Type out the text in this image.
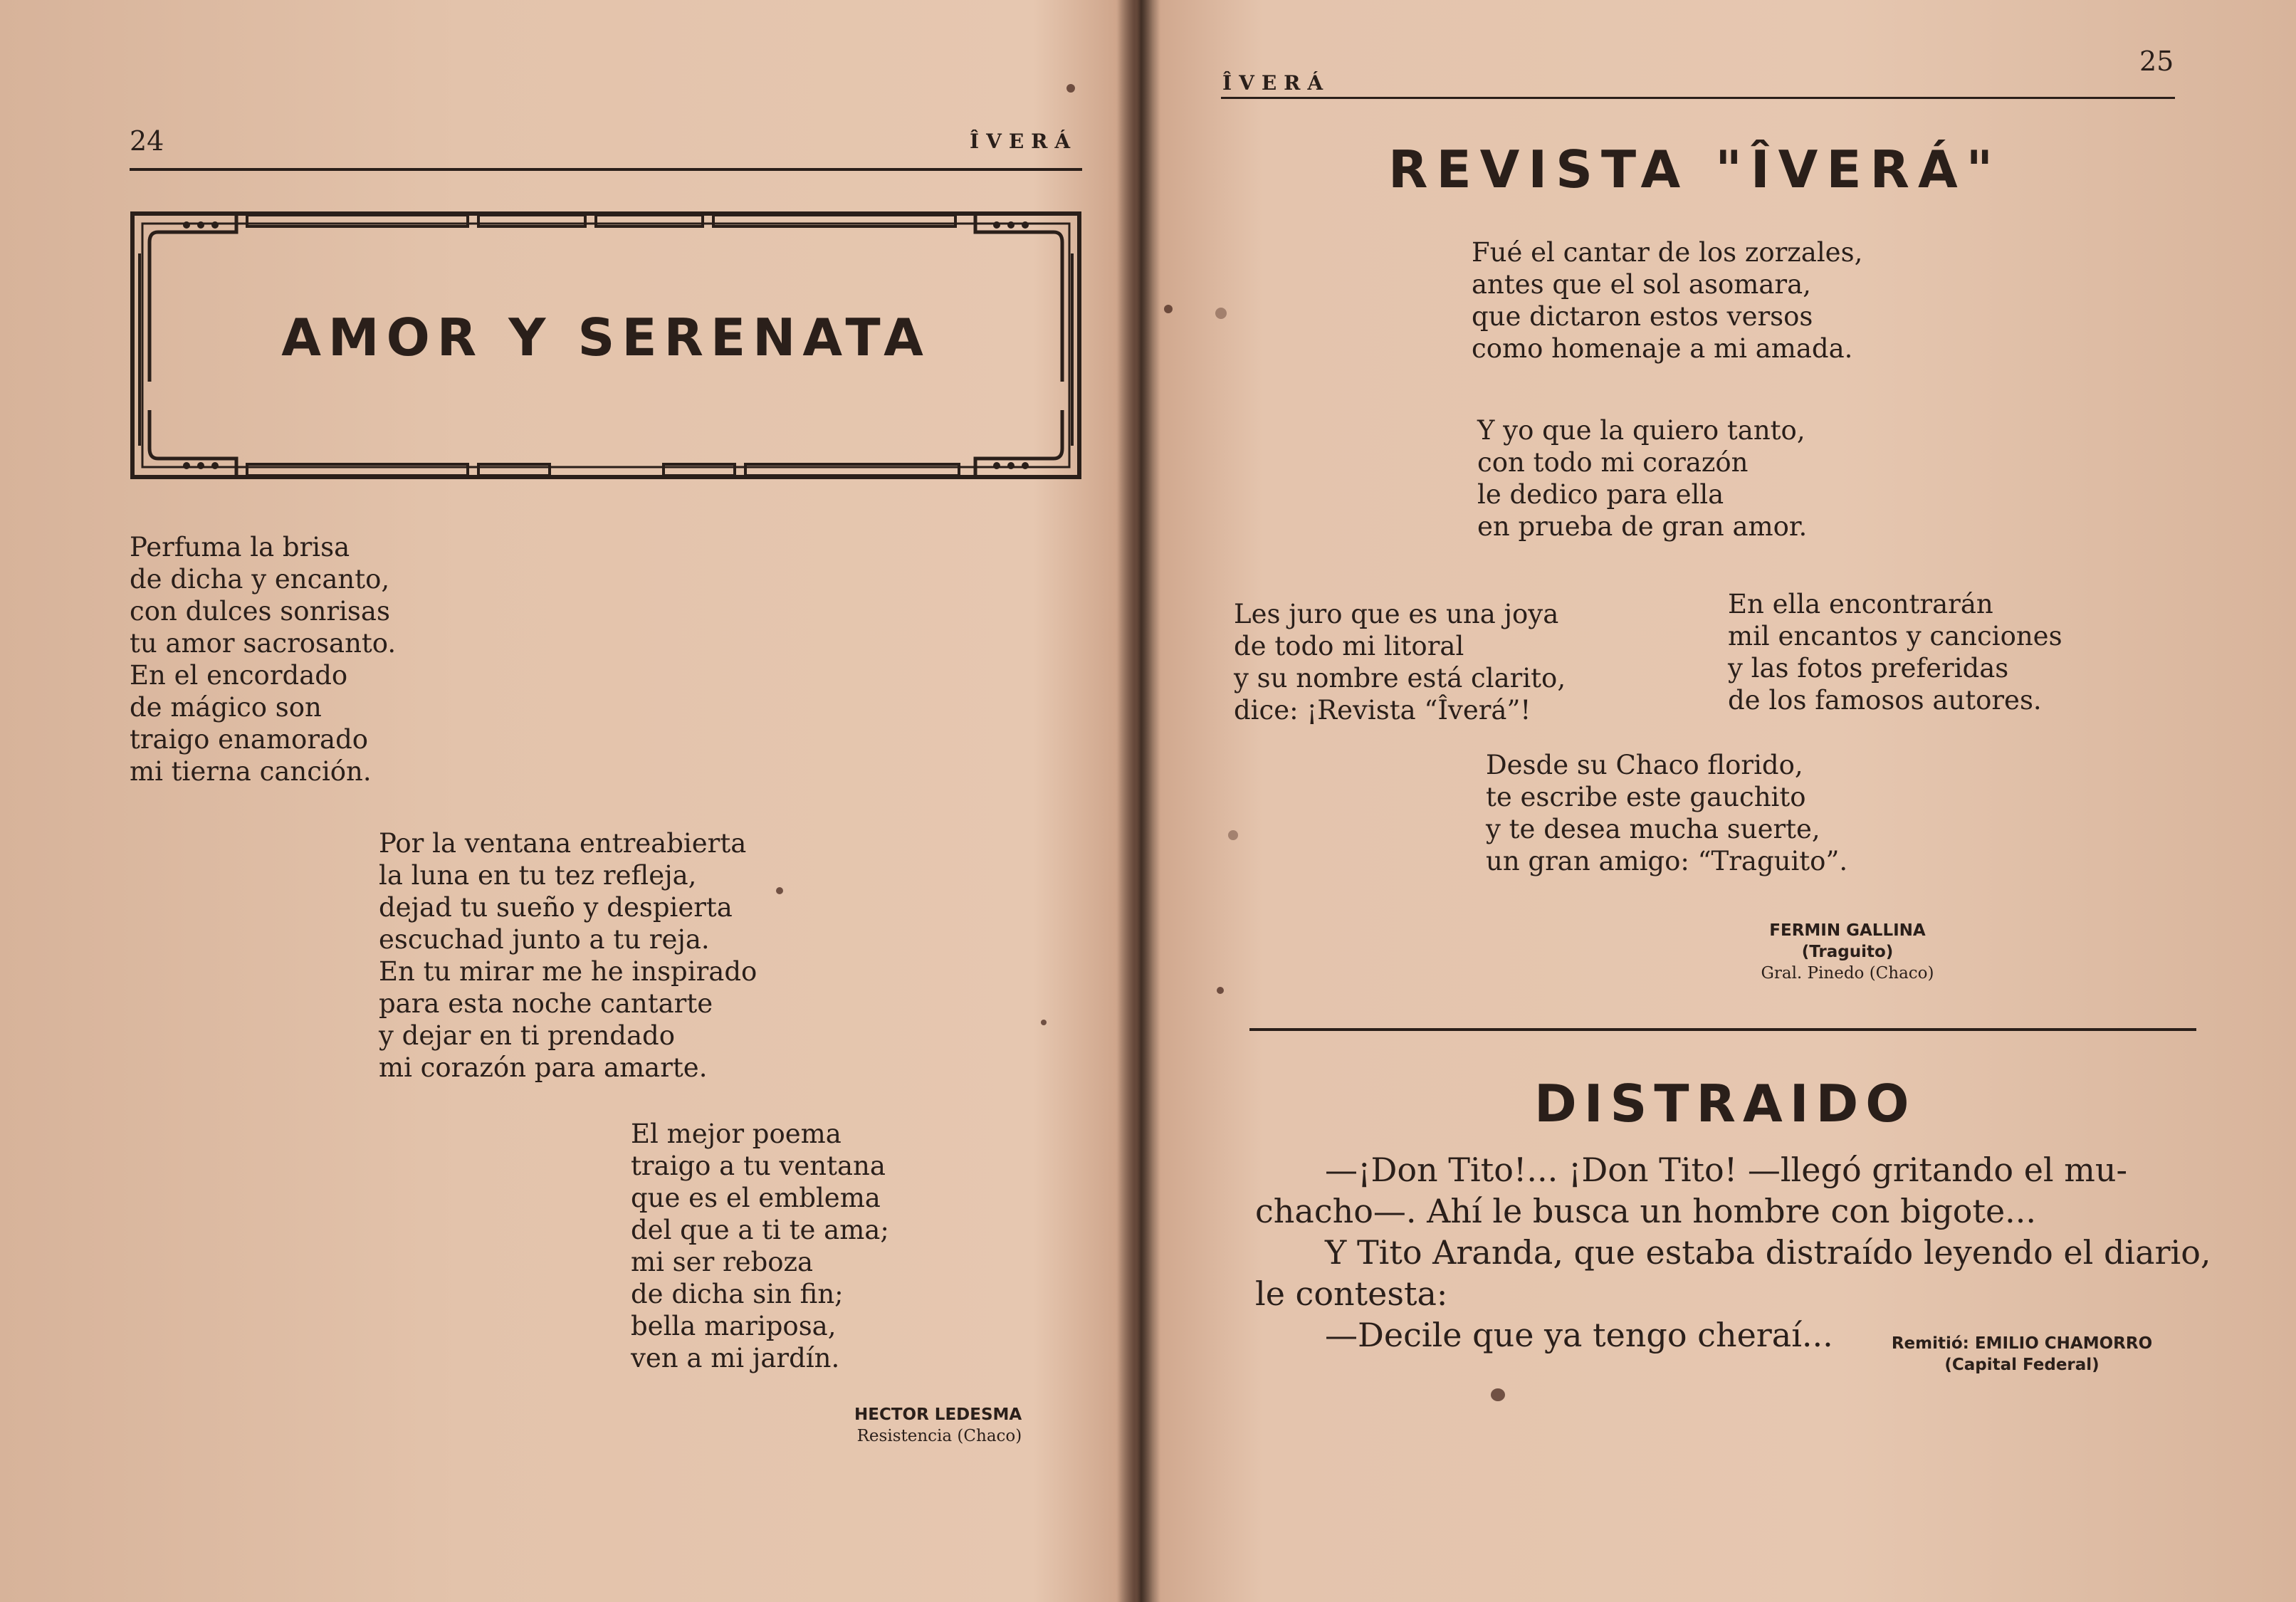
24	ÎVERÁ
AMOR Y SERENATA
Perfuma la brisa
de dicha y encanto,
con dulces sonrisas
tu amor sacrosanto.
En el encordado
de mágico son
traigo enamorado
mi tierna canción.
Por la ventana entreabierta
la luna en tu tez refleja,
dejad tu sueño y despierta
escuchad junto a tu reja.
En tu mirar me he inspirado
para esta noche cantarte
y dejar en ti prendado
mi corazón para amarte.
El mejor poema
traigo a tu ventana
que es el emblema
del que a ti te ama;
mi ser reboza
de dicha sin fin;
bella mariposa,
ven a mi jardín.
HECTOR LEDESMA
Resistencia (Chaco)
ÎVERÁ
25
REVISTA "ÎVERÁ"
Fué el cantar de los zorzales,
antes que el sol asomara,
que dictaron estos versos
como homenaje a mi amada.
Y yo que la quiero tanto,
con todo mi corazón
le dedico para ella
en prueba de gran amor.
Les juro que es una joya
de todo mi litoral
y su nombre está clarito,
dice: ¡Revista “Îverá”!
En ella encontrarán
mil encantos y canciones
y las fotos preferidas
de los famosos autores.
Desde su Chaco florido,
te escribe este gauchito
y te desea mucha suerte,
un gran amigo: “Traguito”.
FERMIN GALLINA
(Traguito)
Gral. Pinedo (Chaco)
DISTRAIDO
—¡Don Tito!... ¡Don Tito! —llegó gritando el mu-
chacho—. Ahí le busca un hombre con bigote...
Y Tito Aranda, que estaba distraído leyendo el diario,
le contesta:
—Decile que ya tengo cheraí...	Remitió: EMILIO CHAMORRO
(Capital Federal)
